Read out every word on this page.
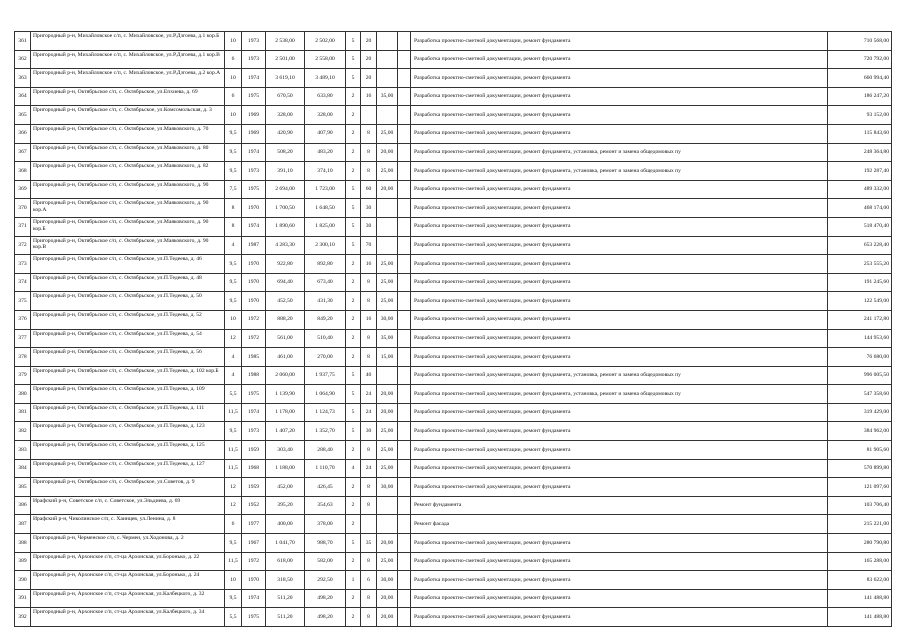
361	Пригородный р-н, Михайловское с/п, с. Михайловское, ул.Р.Дзгоева, д.1 кор.Б	10	1973	2 538,00	2 502,00	5	20			Разработка проектно-сметной документации, ремонт фундамента	710 568,00
362	Пригородный р-н, Михайловское с/п, с. Михайловское, ул.Р.Дзгоева, д.1 кор.В	6	1973	2 501,00	2 558,00	5	20			Разработка проектно-сметной документации, ремонт фундамента	720 792,00
363	Пригородный р-н, Михайловское с/п, с. Михайловское, ул.Р.Дзгоева, д.2 кор.А	10	1974	3 619,10	3 489,10	5	20			Разработка проектно-сметной документации, ремонт фундамента	660 994,40
364	Пригородный р-н, Октябрьское с/п, с. Октябрьское, ул.Епхиева, д. 69	6	1975	670,50	633,80	2	16	35,00		Разработка проектно-сметной документации, ремонт фундамента	186 247,20
365	Пригородный р-н, Октябрьское с/п, с. Октябрьское, ул.Комсомольская, д. 3	10	1969	328,00	328,00	2				Разработка проектно-сметной документации, ремонт фундамента	93 152,00
366	Пригородный р-н, Октябрьское с/п, с. Октябрьское, ул.Маяковского, д. 70	9,5	1969	420,90	407,90	2	8	25,00		Разработка проектно-сметной документации, ремонт фундамента	115 843,60
367	Пригородный р-н, Октябрьское с/п, с. Октябрьское, ул.Маяковского, д. 80	9,5	1974	508,20	483,20	2	8	20,00		Разработка проектно-сметной документации, ремонт фундамента, установка, ремонт и замена общедомовых пу	248 364,80
368	Пригородный р-н, Октябрьское с/п, с. Октябрьское, ул.Маяковского, д. 82	9,5	1973	391,10	374,10	2	8	25,00		Разработка проектно-сметной документации, ремонт фундамента, установка, ремонт и замена общедомовых пу	192 287,40
369	Пригородный р-н, Октябрьское с/п, с. Октябрьское, ул.Маяковского, д. 90	7,5	1975	2 694,00	1 723,00	5	60	20,00		Разработка проектно-сметной документации, ремонт фундамента	489 332,00
370	Пригородный р-н, Октябрьское с/п, с. Октябрьское, ул.Маяковского, д. 90 кор.А	8	1970	1 700,50	1 648,50	5	30			Разработка проектно-сметной документации, ремонт фундамента	468 174,00
371	Пригородный р-н, Октябрьское с/п, с. Октябрьское, ул.Маяковского, д. 90 кор.Б	8	1974	1 890,60	1 825,00	5	30			Разработка проектно-сметной документации, ремонт фундамента	518 470,40
372	Пригородный р-н, Октябрьское с/п, с. Октябрьское, ул.Маяковского, д. 90 кор.В	4	1987	4 283,30	2 300,10	5	70			Разработка проектно-сметной документации, ремонт фундамента	653 228,40
373	Пригородный р-н, Октябрьское с/п, с. Октябрьское, ул.П.Тедеева, д. 46	9,5	1970	922,80	892,80	2	16	25,00		Разработка проектно-сметной документации, ремонт фундамента	253 555,20
374	Пригородный р-н, Октябрьское с/п, с. Октябрьское, ул.П.Тедеева, д. 48	9,5	1970	694,40	673,40	2	8	25,00		Разработка проектно-сметной документации, ремонт фундамента	191 245,60
375	Пригородный р-н, Октябрьское с/п, с. Октябрьское, ул.П.Тедеева, д. 50	9,5	1970	452,50	431,30	2	8	25,00		Разработка проектно-сметной документации, ремонт фундамента	122 549,00
376	Пригородный р-н, Октябрьское с/п, с. Октябрьское, ул.П.Тедеева, д. 52	10	1972	888,20	849,20	2	16	30,00		Разработка проектно-сметной документации, ремонт фундамента	241 172,80
377	Пригородный р-н, Октябрьское с/п, с. Октябрьское, ул.П.Тедеева, д. 54	12	1972	561,00	510,40	2	8	35,00		Разработка проектно-сметной документации, ремонт фундамента	144 953,60
378	Пригородный р-н, Октябрьское с/п, с. Октябрьское, ул.П.Тедеева, д. 56	4	1985	461,00	270,00	2	8	15,00		Разработка проектно-сметной документации, ремонт фундамента	76 680,00
379	Пригородный р-н, Октябрьское с/п, с. Октябрьское, ул.П.Тедеева, д. 102 кор.Б	4	1988	2 060,00	1 937,75	5	40			Разработка проектно-сметной документации, ремонт фундамента, установка, ремонт и замена общедомовых пу	996 005,50
380	Пригородный р-н, Октябрьское с/п, с. Октябрьское, ул.П.Тедеева, д. 109	5,5	1975	1 139,90	1 064,90	5	24	20,00		Разработка проектно-сметной документации, ремонт фундамента, установка, ремонт и замена общедомовых пу	547 358,60
381	Пригородный р-н, Октябрьское с/п, с. Октябрьское, ул.П.Тедеева, д. 111	11,5	1974	1 178,00	1 124,73	5	24	20,00		Разработка проектно-сметной документации, ремонт фундамента	319 429,00
382	Пригородный р-н, Октябрьское с/п, с. Октябрьское, ул.П.Тедеева, д. 123	9,5	1973	1 407,20	1 352,70	5	30	25,00		Разработка проектно-сметной документации, ремонт фундамента	384 962,00
383	Пригородный р-н, Октябрьское с/п, с. Октябрьское, ул.П.Тедеева, д. 125	11,5	1959	303,40	288,40	2	8	25,00		Разработка проектно-сметной документации, ремонт фундамента	81 905,60
384	Пригородный р-н, Октябрьское с/п, с. Октябрьское, ул.П.Тедеева, д. 127	11,5	1968	1 188,00	1 110,70	4	24	25,00		Разработка проектно-сметной документации, ремонт фундамента	570 899,80
385	Пригородный р-н, Октябрьское с/п, с. Октябрьское, ул.Советов, д. 9	12	1959	452,00	426,45	2	8	30,00		Разработка проектно-сметной документации, ремонт фундамента	121 097,60
386	Ирафский р-н, Советское с/п, с. Советское, ул.Эльдиева, д. 69	12	1952	395,20	354,63	2	8			Ремонт фундамента	103 706,40
387	Ирафский р-н, Чиколинское с/п, с. Хаинцев, ул.Ленина, д. 8	6	1977	400,00	378,00	2				Ремонт фасада	215 221,00
388	Пригородный р-н, Черменское с/п, с. Чермен, ул.Ходонова, д. 2	9,5	1967	1 041,70	988,70	5	35	20,00		Разработка проектно-сметной документации, ремонт фундамента	280 790,80
389	Пригородный р-н, Архонское с/п, ст-ца Архонская, ул.Боронько, д. 22	11,5	1972	618,00	582,00	2	8	25,00		Разработка проектно-сметной документации, ремонт фундамента	165 288,00
390	Пригородный р-н, Архонское с/п, ст-ца Архонская, ул.Боронько, д. 24	10	1970	318,50	292,50	1	6	30,00		Разработка проектно-сметной документации, ремонт фундамента	83 622,00
391	Пригородный р-н, Архонское с/п, ст-ца Архонская, ул.Калбецкого, д. 32	9,5	1974	511,20	498,20	2	8	20,00		Разработка проектно-сметной документации, ремонт фундамента	141 488,80
392	Пригородный р-н, Архонское с/п, ст-ца Архонская, ул.Калбецкого, д. 34	5,5	1975	511,20	498,20	2	8	20,00		Разработка проектно-сметной документации, ремонт фундамента	141 488,80
